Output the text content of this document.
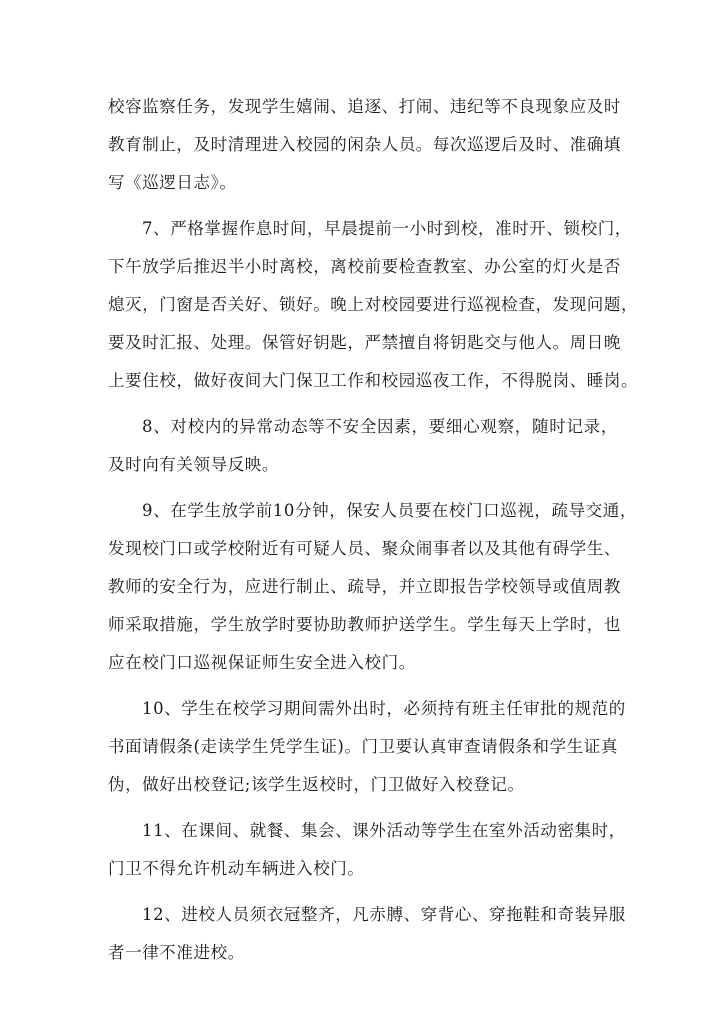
校容监察任务，发现学生嬉闹、追逐、打闹、违纪等不良现象应及时
教育制止，及时清理进入校园的闲杂人员。每次巡逻后及时、准确填
写《巡逻日志》。
7、严格掌握作息时间，早晨提前一小时到校，准时开、锁校门，
下午放学后推迟半小时离校，离校前要检查教室、办公室的灯火是否
熄灭，门窗是否关好、锁好。晚上对校园要进行巡视检查，发现问题，
要及时汇报、处理。保管好钥匙，严禁擅自将钥匙交与他人。周日晚
上要住校，做好夜间大门保卫工作和校园巡夜工作，不得脱岗、睡岗。
8、对校内的异常动态等不安全因素，要细心观察，随时记录，
及时向有关领导反映。
9、在学生放学前10分钟，保安人员要在校门口巡视，疏导交通，
发现校门口或学校附近有可疑人员、聚众闹事者以及其他有碍学生、
教师的安全行为，应进行制止、疏导，并立即报告学校领导或值周教
师采取措施，学生放学时要协助教师护送学生。学生每天上学时，也
应在校门口巡视保证师生安全进入校门。
10、学生在校学习期间需外出时，必须持有班主任审批的规范的
书面请假条(走读学生凭学生证)。门卫要认真审查请假条和学生证真
伪，做好出校登记;该学生返校时，门卫做好入校登记。
11、在课间、就餐、集会、课外活动等学生在室外活动密集时，
门卫不得允许机动车辆进入校门。
12、进校人员须衣冠整齐，凡赤膊、穿背心、穿拖鞋和奇装异服
者一律不准进校。
